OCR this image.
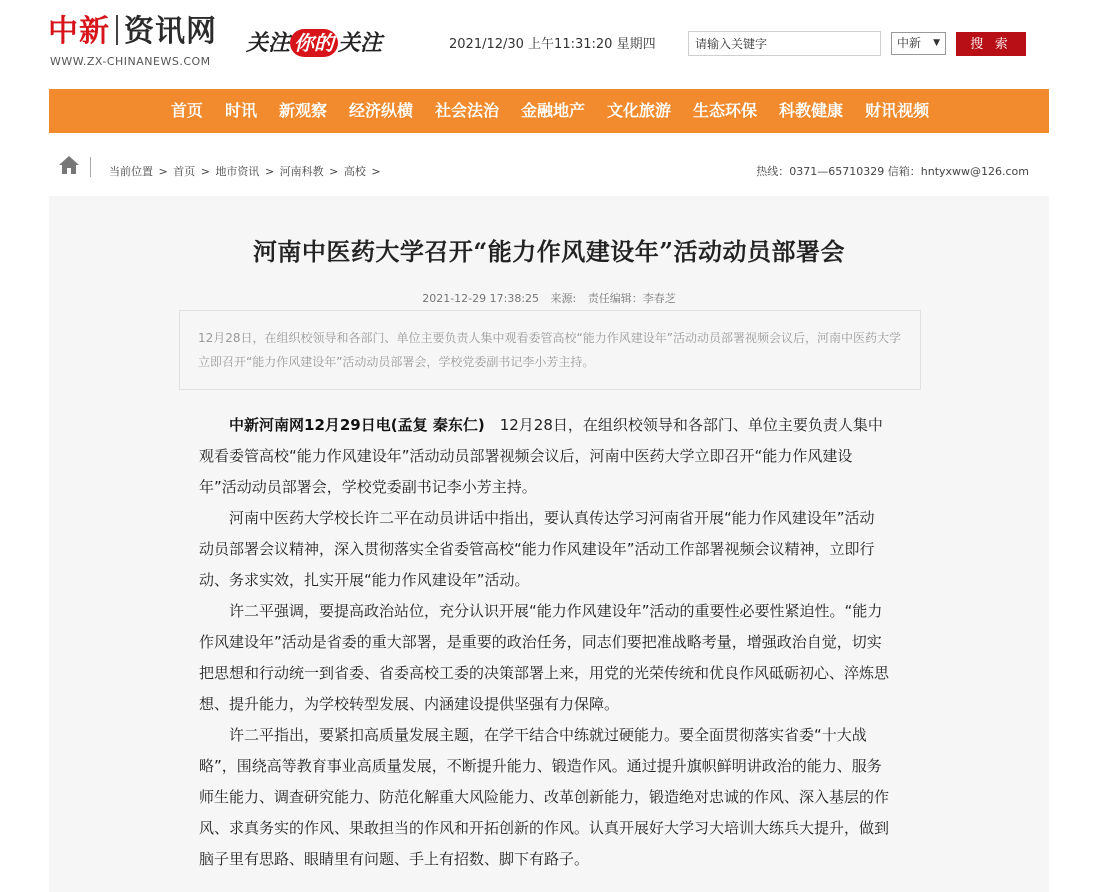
中新 资讯网
WWW.ZX-CHINANEWS.COM
关注 你的 关注	2021/12/30 上午11:31:20 星期四
请输入关键字	中新 ▼	搜 索
首页 时讯 新观察 经济纵横 社会法治 金融地产 文化旅游 生态环保 科教健康 财讯视频
当前位置 > 首页 > 地市资讯 > 河南科教 > 高校 >	热线：0371—65710329 信箱：hntyxww@126.com
河南中医药大学召开“能力作风建设年”活动动员部署会
2021-12-29 17:38:25 来源: 责任编辑：李春芝
12月28日，在组织校领导和各部门、单位主要负责人集中观看委管高校“能力作风建设年”活动动员部署视频会议后，河南中医药大学立即召开“能力作风建设年”活动动员部署会，学校党委副书记李小芳主持。

中新河南网12月29日电(孟复 秦东仁)　12月28日，在组织校领导和各部门、单位主要负责人集中观看委管高校“能力作风建设年”活动动员部署视频会议后，河南中医药大学立即召开“能力作风建设年”活动动员部署会，学校党委副书记李小芳主持。

河南中医药大学校长许二平在动员讲话中指出，要认真传达学习河南省开展“能力作风建设年”活动动员部署会议精神，深入贯彻落实全省委管高校“能力作风建设年”活动工作部署视频会议精神，立即行动、务求实效，扎实开展“能力作风建设年”活动。

许二平强调，要提高政治站位，充分认识开展“能力作风建设年”活动的重要性必要性紧迫性。“能力作风建设年”活动是省委的重大部署，是重要的政治任务，同志们要把准战略考量，增强政治自觉，切实把思想和行动统一到省委、省委高校工委的决策部署上来，用党的光荣传统和优良作风砥砺初心、淬炼思想、提升能力，为学校转型发展、内涵建设提供坚强有力保障。

许二平指出，要紧扣高质量发展主题，在学干结合中练就过硬能力。要全面贯彻落实省委“十大战略”，围绕高等教育事业高质量发展，不断提升能力、锻造作风。通过提升旗帜鲜明讲政治的能力、服务师生能力、调查研究能力、防范化解重大风险能力、改革创新能力，锻造绝对忠诚的作风、深入基层的作风、求真务实的作风、果敢担当的作风和开拓创新的作风。认真开展好大学习大培训大练兵大提升，做到脑子里有思路、眼睛里有问题、手上有招数、脚下有路子。
